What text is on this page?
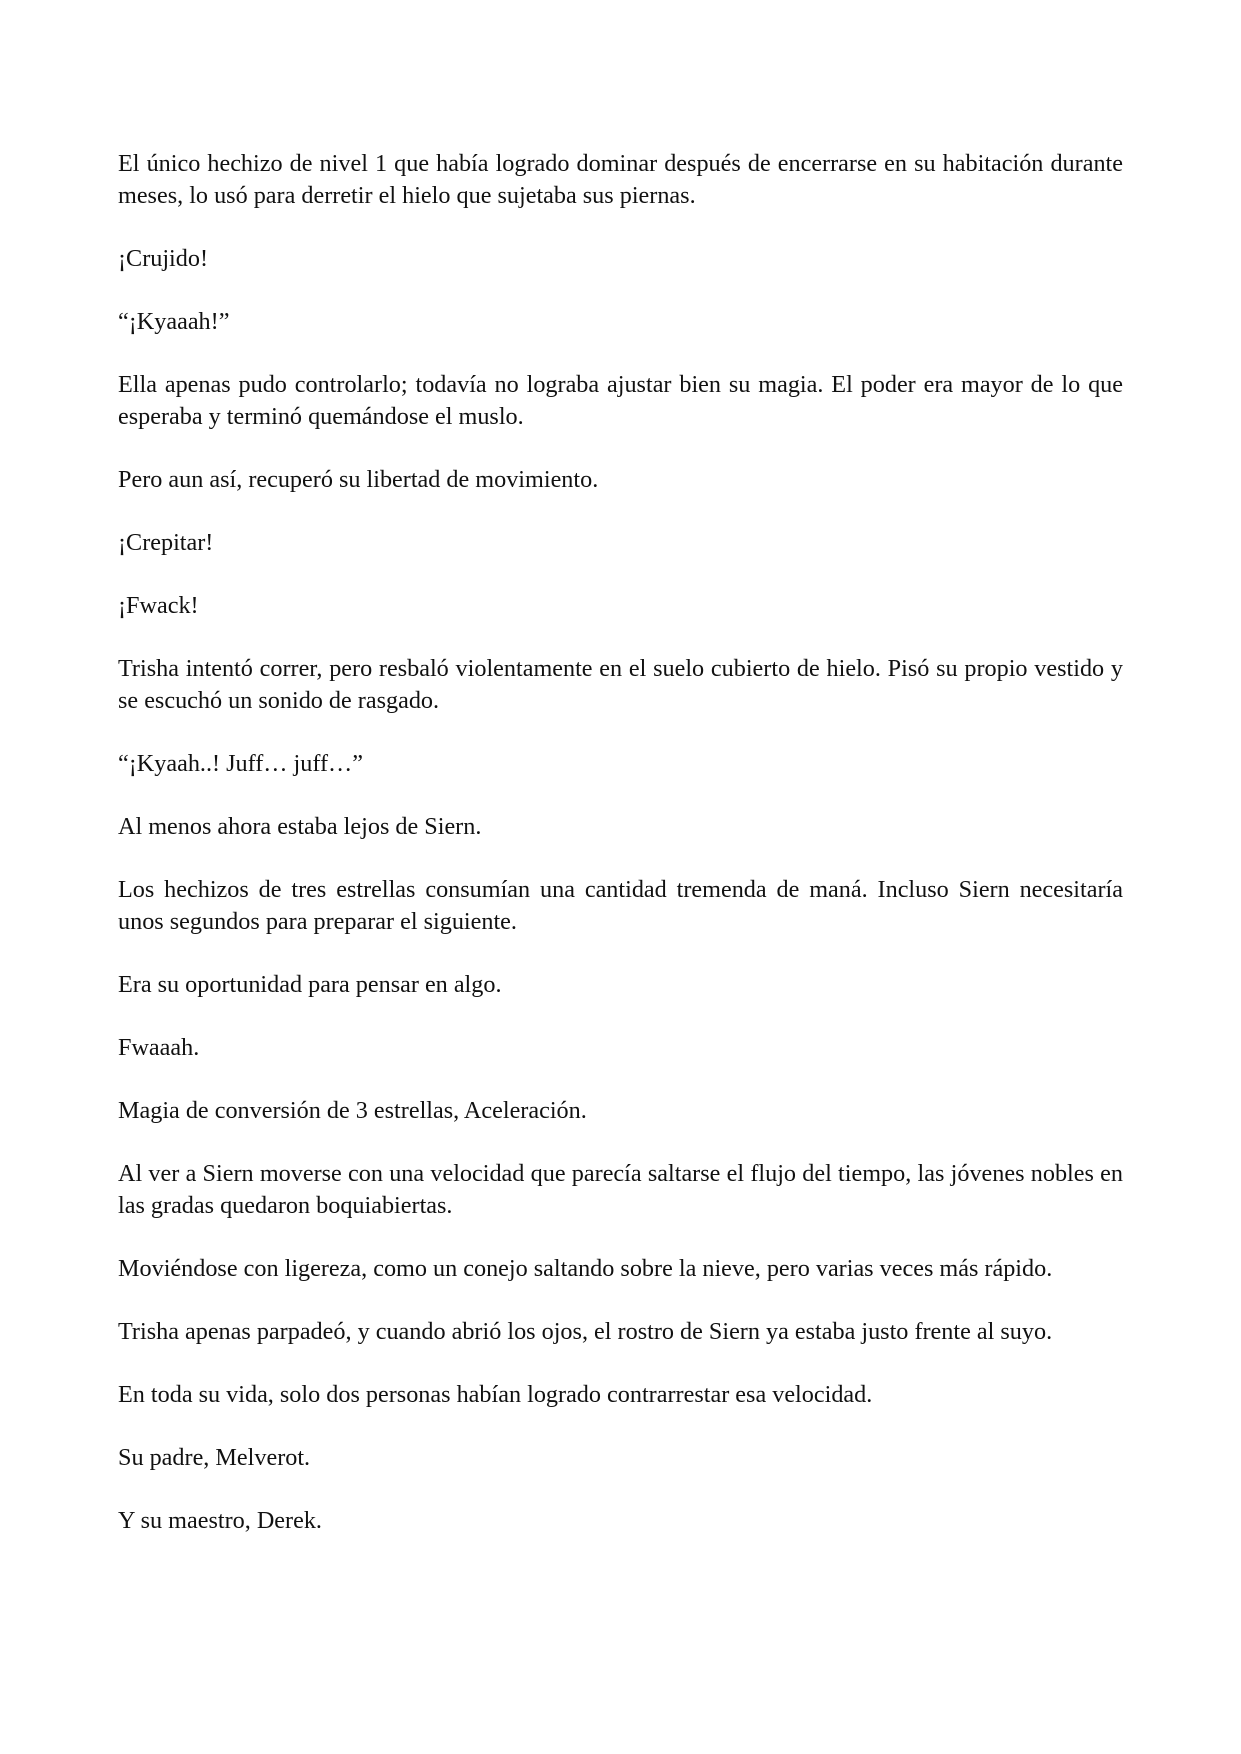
El único hechizo de nivel 1 que había logrado dominar después de encerrarse en su habitación durante meses, lo usó para derretir el hielo que sujetaba sus piernas.

¡Crujido!

“¡Kyaaah!”

Ella apenas pudo controlarlo; todavía no lograba ajustar bien su magia. El poder era mayor de lo que esperaba y terminó quemándose el muslo.

Pero aun así, recuperó su libertad de movimiento.

¡Crepitar!

¡Fwack!

Trisha intentó correr, pero resbaló violentamente en el suelo cubierto de hielo. Pisó su propio vestido y se escuchó un sonido de rasgado.

“¡Kyaah..! Juff… juff…”

Al menos ahora estaba lejos de Siern.

Los hechizos de tres estrellas consumían una cantidad tremenda de maná. Incluso Siern necesitaría unos segundos para preparar el siguiente.

Era su oportunidad para pensar en algo.

Fwaaah.

Magia de conversión de 3 estrellas, Aceleración.

Al ver a Siern moverse con una velocidad que parecía saltarse el flujo del tiempo, las jóvenes nobles en las gradas quedaron boquiabiertas.

Moviéndose con ligereza, como un conejo saltando sobre la nieve, pero varias veces más rápido.

Trisha apenas parpadeó, y cuando abrió los ojos, el rostro de Siern ya estaba justo frente al suyo.

En toda su vida, solo dos personas habían logrado contrarrestar esa velocidad.

Su padre, Melverot.

Y su maestro, Derek.
